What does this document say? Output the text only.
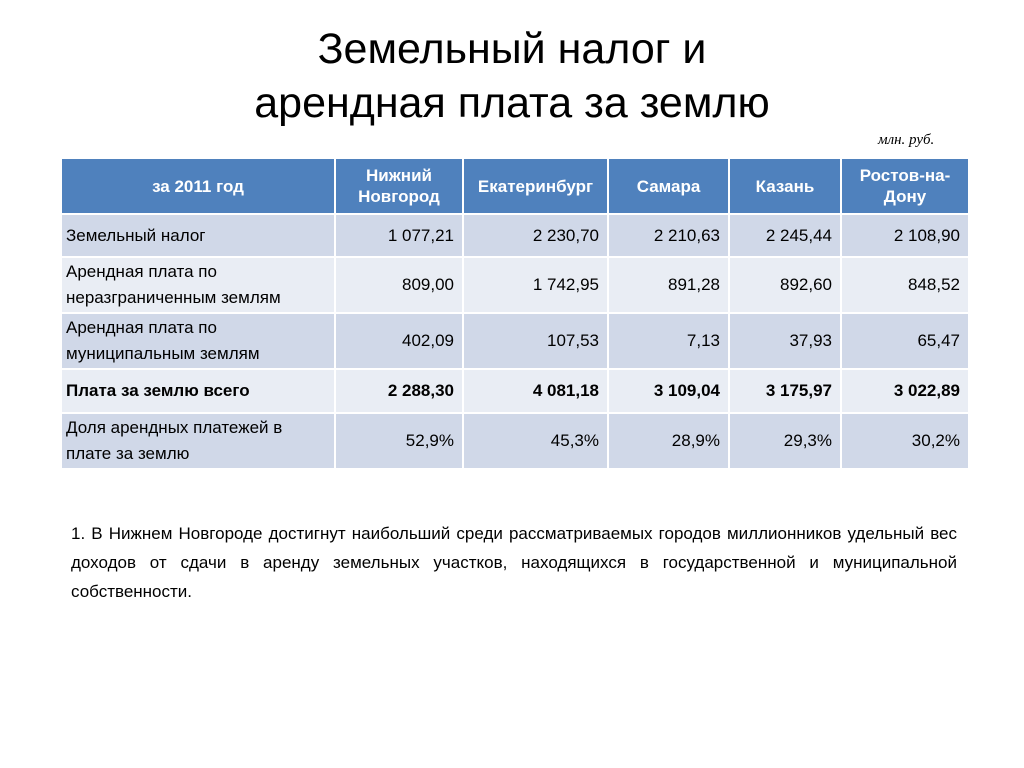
Земельный налог и
арендная плата за землю
млн. руб.
за 2011 год	Нижний Новгород	Екатеринбург	Самара	Казань	Ростов-на-Дону
Земельный налог	1 077,21	2 230,70	2 210,63	2 245,44	2 108,90
Арендная плата по неразграниченным землям	809,00	1 742,95	891,28	892,60	848,52
Арендная плата по муниципальным землям	402,09	107,53	7,13	37,93	65,47
Плата за землю всего	2 288,30	4 081,18	3 109,04	3 175,97	3 022,89
Доля арендных платежей в плате за землю	52,9%	45,3%	28,9%	29,3%	30,2%
1. В Нижнем Новгороде достигнут наибольший среди рассматриваемых городов миллионников удельный вес доходов от сдачи в аренду земельных участков, находящихся в государственной и муниципальной собственности.
